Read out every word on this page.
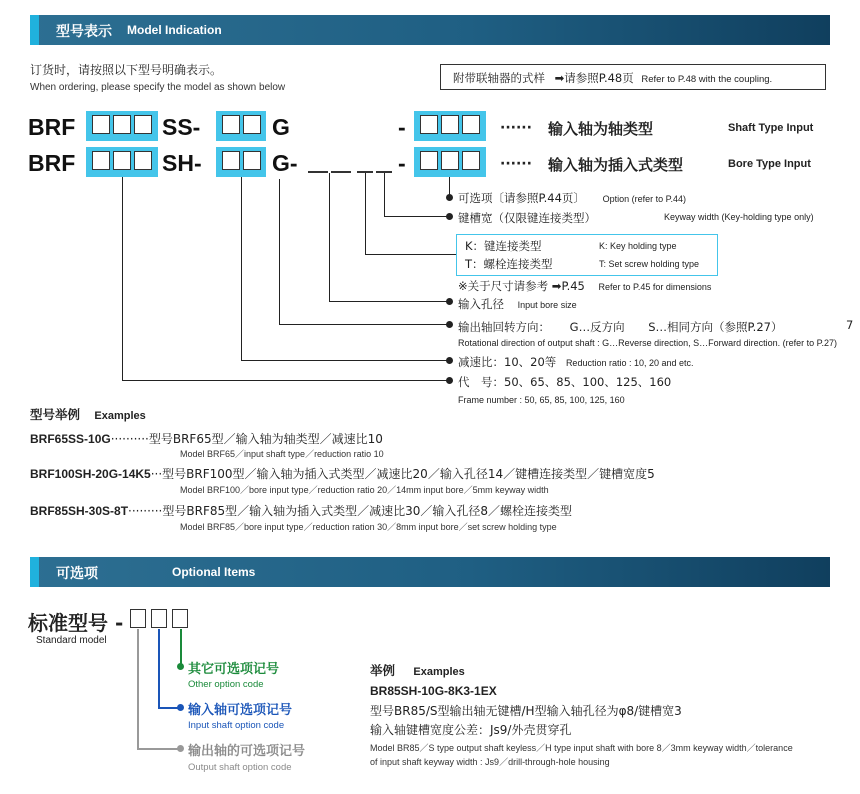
型号表示 Model Indication
订货时，请按照以下型号明确表示。
When ordering, please specify the model as shown below
附带联轴器的式样 ➡请参照P.48页 Refer to P.48 with the coupling.
BRF	SS-	G	-	······ 输入轴为轴类型	Shaft Type Input
BRF	SH-	G-	-	······ 输入轴为插入式类型	Bore Type Input
可选项〔请参照P.44页〕 Option (refer to P.44)
键槽宽（仅限键连接类型）	Keyway width (Key-holding type only)
K：键连接类型	K: Key holding type
T：螺栓连接类型	T: Set screw holding type
※关于尺寸请参考 ➡P.45 Refer to P.45 for dimensions
输入孔径 Input bore size
输出轴回转方向： G…反方向 S…相同方向（参照P.27）	7
Rotational direction of output shaft : G…Reverse direction, S…Forward direction. (refer to P.27)
减速比：10、20等 Reduction ratio : 10, 20 and etc.
代　号：50、65、85、100、125、160
Frame number : 50, 65, 85, 100, 125, 160
型号举例 Examples
BRF65SS-10G··········型号BRF65型／输入轴为轴类型／减速比10
Model BRF65／input shaft type／reduction ratio 10
BRF100SH-20G-14K5···型号BRF100型／输入轴为插入式类型／减速比20／输入孔径14／键槽连接类型／键槽宽度5
Model BRF100／bore input type／reduction ratio 20／14mm input bore／5mm keyway width
BRF85SH-30S-8T·········型号BRF85型／输入轴为插入式类型／减速比30／输入孔径8／螺栓连接类型
Model BRF85／bore input type／reduction ration 30／8mm input bore／set screw holding type
可选项	Optional Items
标准型号 -
Standard model
其它可选项记号
Other option code
输入轴可选项记号
Input shaft option code
输出轴的可选项记号
Output shaft option code
举例 Examples
BR85SH-10G-8K3-1EX
型号BR85/S型输出轴无键槽/H型输入轴孔径为φ8/键槽宽3
输入轴键槽宽度公差：Js9/外壳贯穿孔
Model BR85／S type output shaft keyless／H type input shaft with bore 8／3mm keyway width／tolerance
of input shaft keyway width : Js9／drill-through-hole housing
